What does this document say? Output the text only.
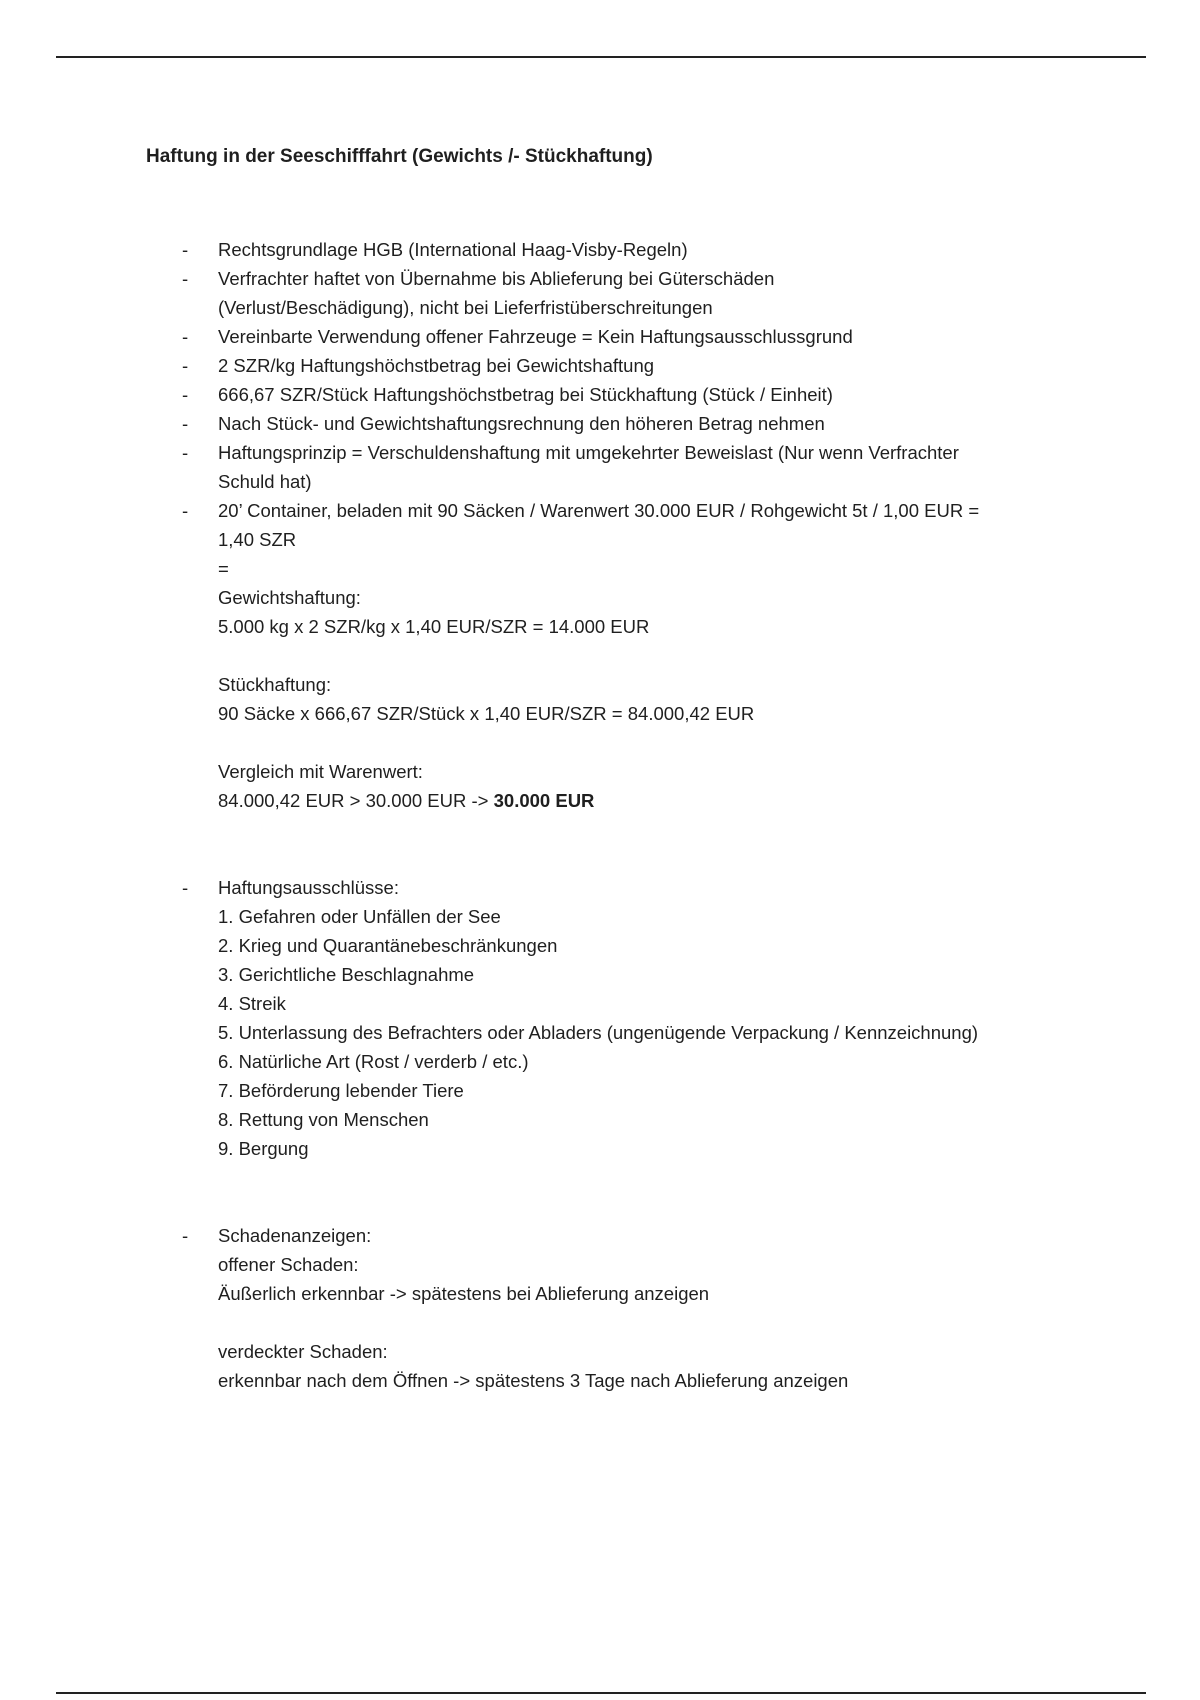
Haftung in der Seeschifffahrt (Gewichts /- Stückhaftung)
-	Rechtsgrundlage HGB (International Haag-Visby-Regeln)
-	Verfrachter haftet von Übernahme bis Ablieferung bei Güterschäden
(Verlust/Beschädigung), nicht bei Lieferfristüberschreitungen
-	Vereinbarte Verwendung offener Fahrzeuge = Kein Haftungsausschlussgrund
-	2 SZR/kg Haftungshöchstbetrag bei Gewichtshaftung
-	666,67 SZR/Stück Haftungshöchstbetrag bei Stückhaftung (Stück / Einheit)
-	Nach Stück- und Gewichtshaftungsrechnung den höheren Betrag nehmen
-	Haftungsprinzip = Verschuldenshaftung mit umgekehrter Beweislast (Nur wenn Verfrachter
Schuld hat)
-	20’ Container, beladen mit 90 Säcken / Warenwert 30.000 EUR / Rohgewicht 5t / 1,00 EUR =
1,40 SZR
=
Gewichtshaftung:
5.000 kg x 2 SZR/kg x 1,40 EUR/SZR = 14.000 EUR
Stückhaftung:
90 Säcke x 666,67 SZR/Stück x 1,40 EUR/SZR = 84.000,42 EUR
Vergleich mit Warenwert:
84.000,42 EUR > 30.000 EUR -> 30.000 EUR
-	Haftungsausschlüsse:
1. Gefahren oder Unfällen der See
2. Krieg und Quarantänebeschränkungen
3. Gerichtliche Beschlagnahme
4. Streik
5. Unterlassung des Befrachters oder Abladers (ungenügende Verpackung / Kennzeichnung)
6. Natürliche Art (Rost / verderb / etc.)
7. Beförderung lebender Tiere
8. Rettung von Menschen
9. Bergung
-	Schadenanzeigen:
offener Schaden:
Äußerlich erkennbar -> spätestens bei Ablieferung anzeigen
verdeckter Schaden:
erkennbar nach dem Öffnen -> spätestens 3 Tage nach Ablieferung anzeigen
